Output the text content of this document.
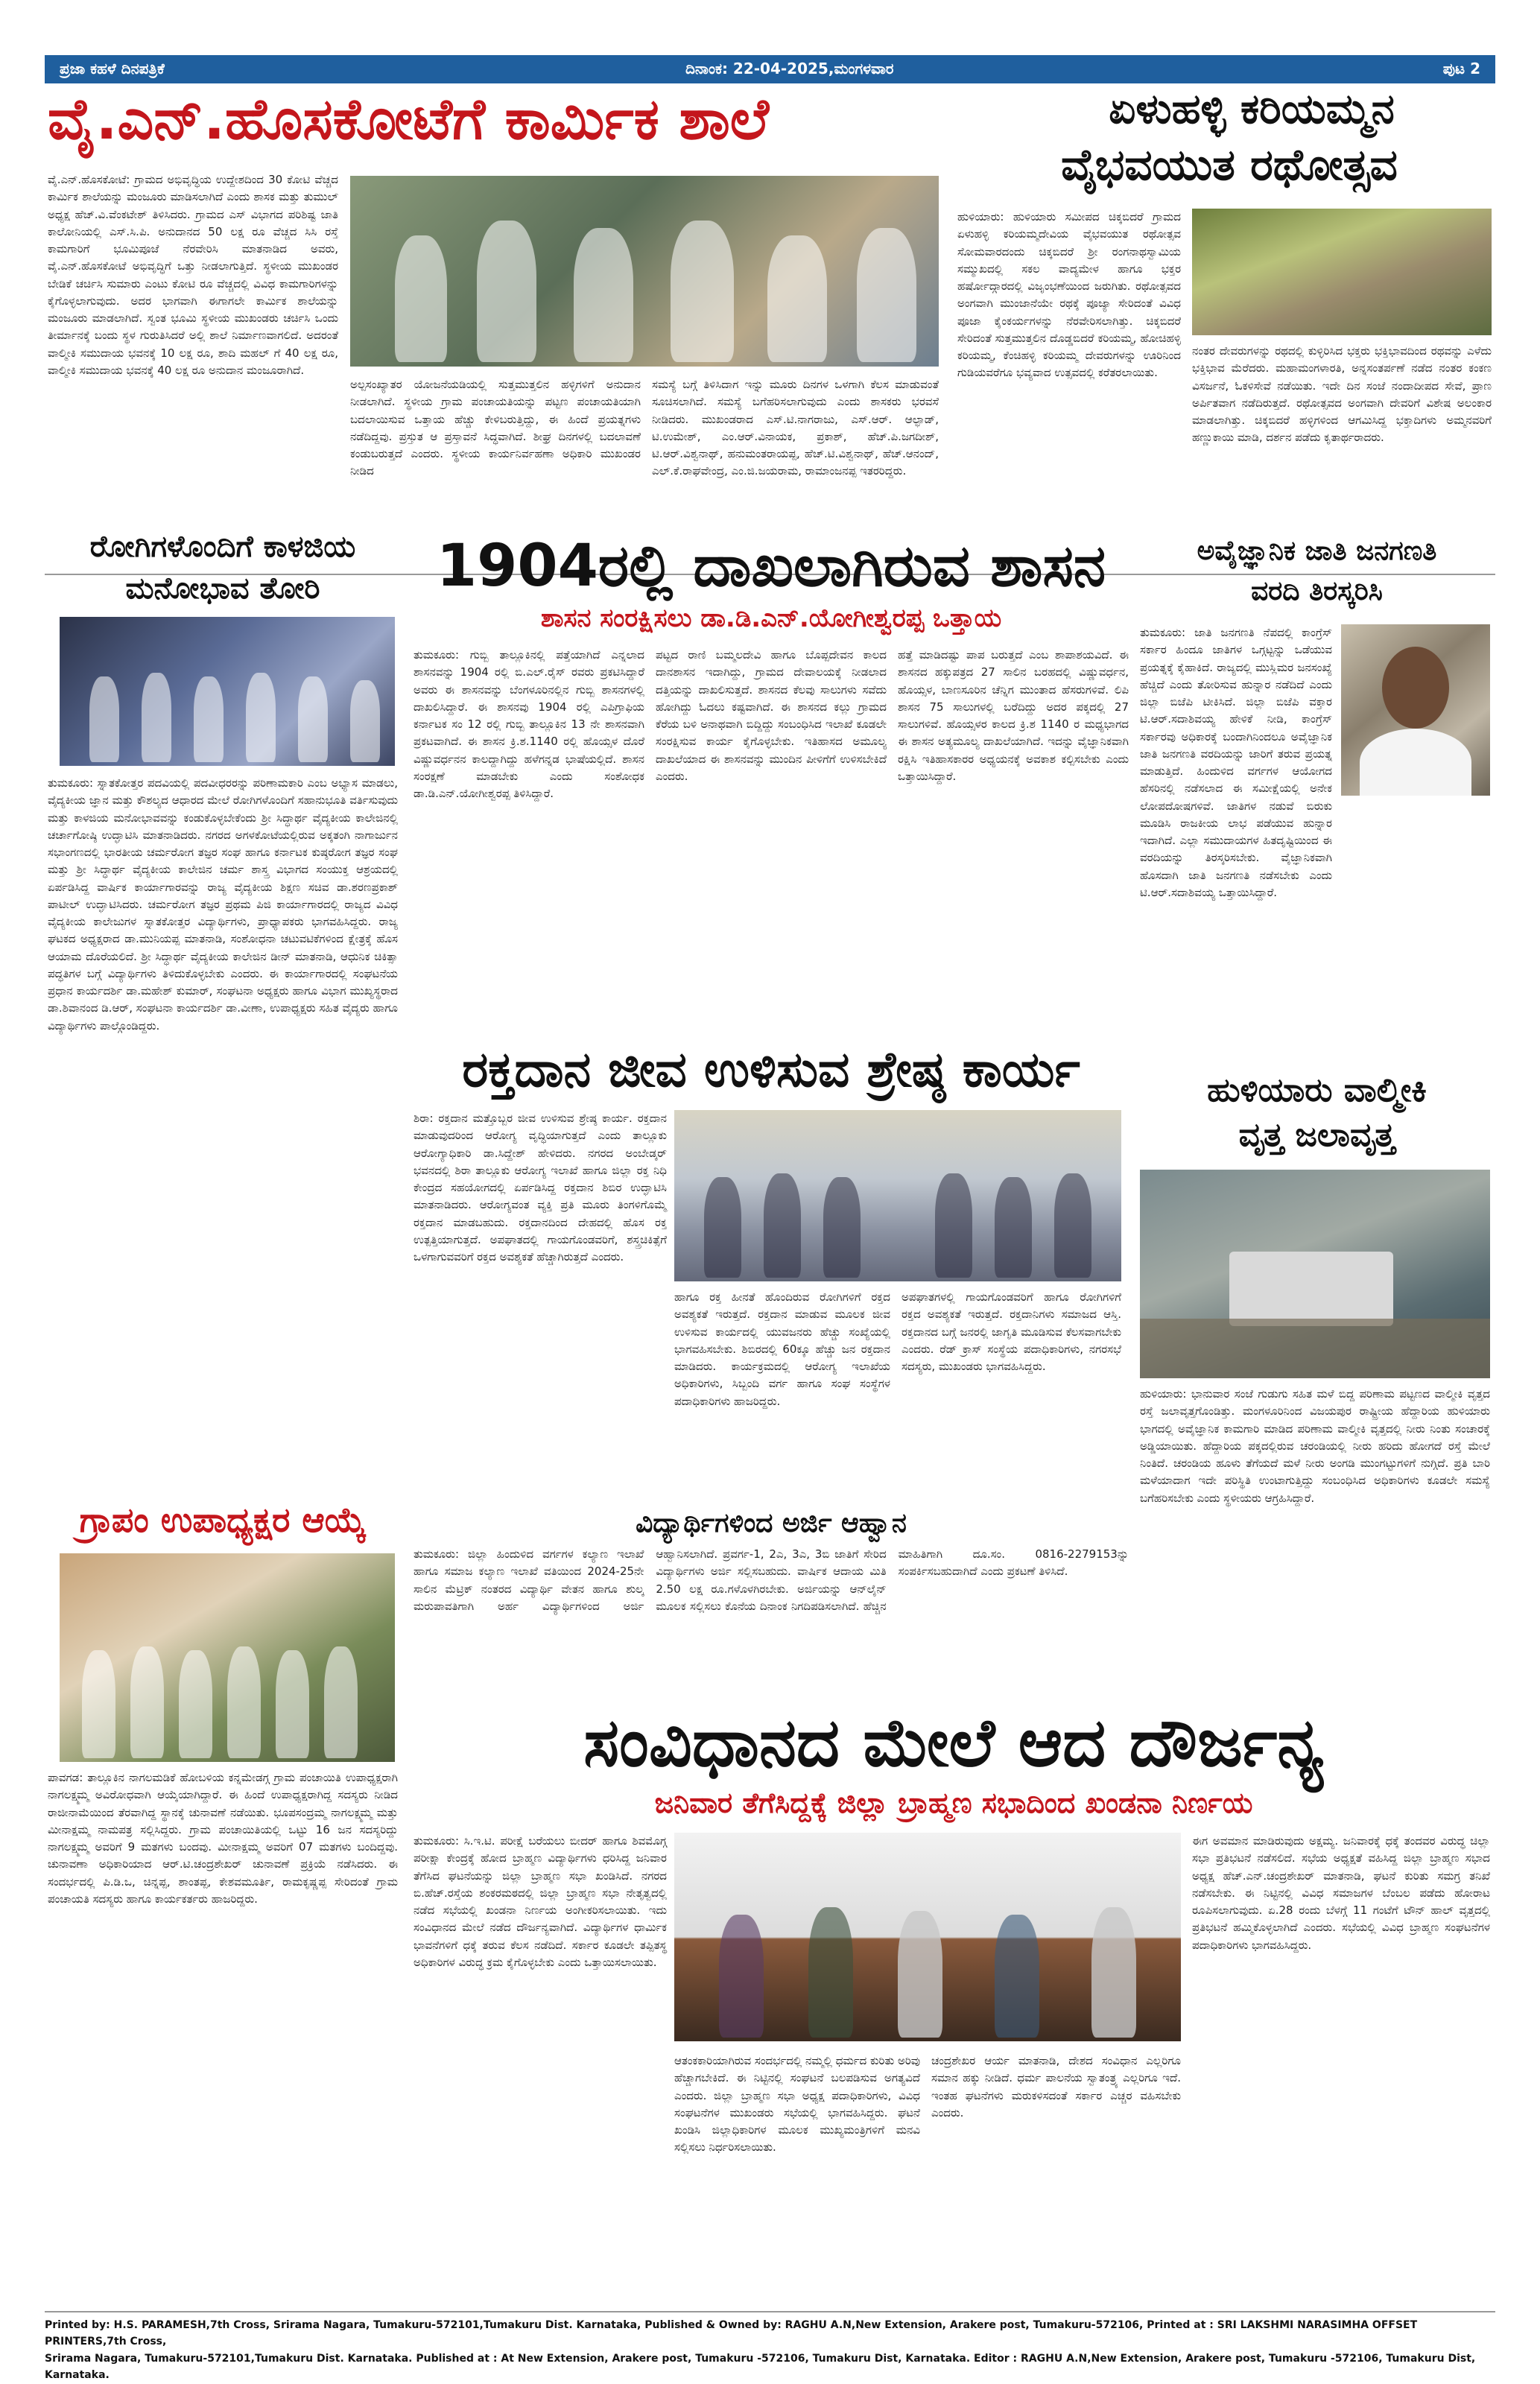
ಪ್ರಜಾ ಕಹಳೆ ದಿನಪತ್ರಿಕೆ	ದಿನಾಂಕ: 22-04-2025,ಮಂಗಳವಾರ	ಪುಟ 2
ವೈ.ಎನ್.ಹೊಸಕೋಟೆಗೆ ಕಾರ್ಮಿಕ ಶಾಲೆ
ವೈ.ಎನ್.ಹೊಸಕೋಟೆ: ಗ್ರಾಮದ ಅಭಿವೃದ್ಧಿಯ ಉದ್ದೇಶದಿಂದ 30 ಕೋಟಿ ವೆಚ್ಚದ ಕಾರ್ಮಿಕ ಶಾಲೆಯನ್ನು ಮಂಜೂರು ಮಾಡಿಸಲಾಗಿದೆ ಎಂದು ಶಾಸಕ ಮತ್ತು ತುಮುಲ್ ಅಧ್ಯಕ್ಷ ಹೆಚ್.ವಿ.ವೆಂಕಟೇಶ್ ತಿಳಿಸಿದರು. ಗ್ರಾಮದ ಎಸ್ ವಿಭಾಗದ ಪರಿಶಿಷ್ಟ ಜಾತಿ ಕಾಲೋನಿಯಲ್ಲಿ ಎಸ್.ಸಿ.ಪಿ. ಅನುದಾನದ 50 ಲಕ್ಷ ರೂ ವೆಚ್ಚದ ಸಿಸಿ ರಸ್ತೆ ಕಾಮಗಾರಿಗೆ ಭೂಮಿಪೂಜೆ ನೆರವೇರಿಸಿ ಮಾತನಾಡಿದ ಅವರು, ವೈ.ಎನ್.ಹೊಸಕೋಟೆ ಅಭಿವೃದ್ಧಿಗೆ ಒತ್ತು ನೀಡಲಾಗುತ್ತಿದೆ. ಸ್ಥಳೀಯ ಮುಖಂಡರ ಬೇಡಿಕೆ ಚರ್ಚಿಸಿ ಸುಮಾರು ಎಂಟು ಕೋಟಿ ರೂ ವೆಚ್ಚದಲ್ಲಿ ವಿವಿಧ ಕಾಮಗಾರಿಗಳನ್ನು ಕೈಗೊಳ್ಳಲಾಗುವುದು. ಅದರ ಭಾಗವಾಗಿ ಈಗಾಗಲೇ ಕಾರ್ಮಿಕ ಶಾಲೆಯನ್ನು ಮಂಜೂರು ಮಾಡಲಾಗಿದೆ. ಸ್ವಂತ ಭೂಮಿ ಸ್ಥಳೀಯ ಮುಖಂಡರು ಚರ್ಚಿಸಿ ಒಂದು ತೀರ್ಮಾನಕ್ಕೆ ಬಂದು ಸ್ಥಳ ಗುರುತಿಸಿದರೆ ಅಲ್ಲಿ ಶಾಲೆ ನಿರ್ಮಾಣವಾಗಲಿದೆ. ಅದರಂತೆ ವಾಲ್ಮೀಕಿ ಸಮುದಾಯ ಭವನಕ್ಕೆ 10 ಲಕ್ಷ ರೂ, ಶಾದಿ ಮಹಲ್ ಗೆ 40 ಲಕ್ಷ ರೂ, ವಾಲ್ಮೀಕಿ ಸಮುದಾಯ ಭವನಕ್ಕೆ 40 ಲಕ್ಷ ರೂ ಅನುದಾನ ಮಂಜೂರಾಗಿದೆ.
ಅಲ್ಪಸಂಖ್ಯಾತರ ಯೋಜನೆಯಡಿಯಲ್ಲಿ ಸುತ್ತಮುತ್ತಲಿನ ಹಳ್ಳಿಗಳಿಗೆ ಅನುದಾನ ನೀಡಲಾಗಿದೆ. ಸ್ಥಳೀಯ ಗ್ರಾಮ ಪಂಚಾಯತಿಯನ್ನು ಪಟ್ಟಣ ಪಂಚಾಯತಿಯಾಗಿ ಬದಲಾಯಿಸುವ ಒತ್ತಾಯ ಹೆಚ್ಚು ಕೇಳಿಬರುತ್ತಿದ್ದು, ಈ ಹಿಂದೆ ಪ್ರಯತ್ನಗಳು ನಡೆದಿದ್ದವು. ಪ್ರಸ್ತುತ ಆ ಪ್ರಸ್ತಾವನೆ ಸಿದ್ಧವಾಗಿದೆ. ಶೀಘ್ರ ದಿನಗಳಲ್ಲಿ ಬದಲಾವಣೆ ಕಂಡುಬರುತ್ತದೆ ಎಂದರು. ಸ್ಥಳೀಯ ಕಾರ್ಯನಿರ್ವಹಣಾ ಅಧಿಕಾರಿ ಮುಖಂಡರ ನೀಡಿದ
ಸಮಸ್ಯೆ ಬಗ್ಗೆ ತಿಳಿಸಿದಾಗ ಇನ್ನು ಮೂರು ದಿನಗಳ ಒಳಗಾಗಿ ಕೆಲಸ ಮಾಡುವಂತೆ ಸೂಚಿಸಲಾಗಿದೆ. ಸಮಸ್ಯೆ ಬಗೆಹರಿಸಲಾಗುವುದು ಎಂದು ಶಾಸಕರು ಭರವಸೆ ನೀಡಿದರು. ಮುಖಂಡರಾದ ಎಸ್.ಟಿ.ನಾಗರಾಜು, ಎಸ್.ಆರ್. ಆಲ್ಫಾಡ್, ಟಿ.ಉಮೇಶ್, ಎಂ.ಆರ್.ವಿನಾಯಕ, ಪ್ರಕಾಶ್, ಹೆಚ್.ಪಿ.ಜಗದೀಶ್, ಟಿ.ಆರ್.ವಿಶ್ವನಾಥ್, ಹನುಮಂತರಾಯಪ್ಪ, ಹೆಚ್.ಟಿ.ವಿಶ್ವನಾಥ್, ಹೆಚ್.ಆನಂದ್, ಎಲ್.ಕೆ.ರಾಘವೇಂದ್ರ, ಎಂ.ಜಿ.ಜಯರಾಮ, ರಾಮಾಂಜನಪ್ಪ ಇತರರಿದ್ದರು.
ಏಳುಹಳ್ಳಿ ಕರಿಯಮ್ಮನ
ವೈಭವಯುತ ರಥೋತ್ಸವ
ಹುಳಿಯಾರು: ಹುಳಿಯಾರು ಸಮೀಪದ ಚಿಕ್ಕಬಿದರೆ ಗ್ರಾಮದ ಏಳುಹಳ್ಳಿ ಕರಿಯಮ್ಮದೇವಿಯ ವೈಭವಯುತ ರಥೋತ್ಸವ ಸೋಮವಾರದಂದು ಚಿಕ್ಕಬಿದರೆ ಶ್ರೀ ರಂಗನಾಥಸ್ವಾಮಿಯ ಸಮ್ಮುಖದಲ್ಲಿ ಸಕಲ ವಾದ್ಯಮೇಳ ಹಾಗೂ ಭಕ್ತರ ಹರ್ಷೋದ್ಗಾರದಲ್ಲಿ ವಿಜೃಂಭಣೆಯಿಂದ ಜರುಗಿತು. ರಥೋತ್ಸವದ ಅಂಗವಾಗಿ ಮುಂಜಾನೆಯೇ ರಥಕ್ಕೆ ಪೂಜ್ಯಾ ಸೇರಿದಂತೆ ವಿವಿಧ ಪೂಜಾ ಕೈಂಕರ್ಯಗಳನ್ನು ನೆರವೇರಿಸಲಾಗಿತ್ತು. ಚಿಕ್ಕಬಿದರೆ ಸೇರಿದಂತೆ ಸುತ್ತಮುತ್ತಲಿನ ದೊಡ್ಡಬಿದರೆ ಕರಿಯಮ್ಮ, ಹೋಚಿಹಳ್ಳಿ ಕರಿಯಮ್ಮ, ಕೆಂಚಿಹಳ್ಳಿ ಕರಿಯಮ್ಮ ದೇವರುಗಳನ್ನು ಊರಿನಿಂದ ಗುಡಿಯವರೆಗೂ ಭವ್ಯವಾದ ಉತ್ಸವದಲ್ಲಿ ಕರೆತರಲಾಯಿತು.
ನಂತರ ದೇವರುಗಳನ್ನು ರಥದಲ್ಲಿ ಕುಳ್ಳಿರಿಸಿದ ಭಕ್ತರು ಭಕ್ತಿಭಾವದಿಂದ ರಥವನ್ನು ಎಳೆದು ಭಕ್ತಿಭಾವ ಮೆರೆದರು. ಮಹಾಮಂಗಳಾರತಿ, ಅನ್ನಸಂತರ್ಪಣೆ ನಡೆದ ನಂತರ ಕಂಕಣ ವಿಸರ್ಜನೆ, ಓಕಳಿಸೇವೆ ನಡೆಯಿತು. ಇದೇ ದಿನ ಸಂಜೆ ನಂದಾದೀಪದ ಸೇವೆ, ಪ್ರಾಣ ಅರ್ಪಿತವಾಗ ನಡೆದಿರುತ್ತದೆ. ರಥೋತ್ಸವದ ಅಂಗವಾಗಿ ದೇವರಿಗೆ ವಿಶೇಷ ಅಲಂಕಾರ ಮಾಡಲಾಗಿತ್ತು. ಚಿಕ್ಕಬಿದರೆ ಹಳ್ಳಿಗಳಿಂದ ಆಗಮಿಸಿದ್ದ ಭಕ್ತಾದಿಗಳು ಅಮ್ಮನವರಿಗೆ ಹಣ್ಣುಕಾಯಿ ಮಾಡಿ, ದರ್ಶನ ಪಡೆದು ಕೃತಾರ್ಥರಾದರು.
ರೋಗಿಗಳೊಂದಿಗೆ ಕಾಳಜಿಯ
ಮನೋಭಾವ ತೋರಿ
ತುಮಕೂರು: ಸ್ನಾತಕೋತ್ತರ ಪದವಿಯಲ್ಲಿ ಪದವೀಧರರನ್ನು ಪರಿಣಾಮಕಾರಿ ಎಂಬ ಅಭ್ಯಾಸ ಮಾಡಲು, ವೈದ್ಯಕೀಯ ಜ್ಞಾನ ಮತ್ತು ಕೌಶಲ್ಯದ ಆಧಾರದ ಮೇಲೆ ರೋಗಿಗಳೊಂದಿಗೆ ಸಹಾನುಭೂತಿ ವರ್ತಿಸುವುದು ಮತ್ತು ಕಾಳಜಿಯ ಮನೋಭಾವವನ್ನು ಕಂಡುಕೊಳ್ಳಬೇಕೆಂದು ಶ್ರೀ ಸಿದ್ಧಾರ್ಥ ವೈದ್ಯಕೀಯ ಕಾಲೇಜಿನಲ್ಲಿ ಚರ್ಚಾಗೋಷ್ಠಿ ಉದ್ಘಾಟಿಸಿ ಮಾತನಾಡಿದರು. ನಗರದ ಅಗಳಕೋಟೆಯಲ್ಲಿರುವ ಅಕ್ಕತಂಗಿ ನಾಗಾರ್ಜುನ ಸಭಾಂಗಣದಲ್ಲಿ ಭಾರತೀಯ ಚರ್ಮರೋಗ ತಜ್ಞರ ಸಂಘ ಹಾಗೂ ಕರ್ನಾಟಕ ಕುಷ್ಠರೋಗ ತಜ್ಞರ ಸಂಘ ಮತ್ತು ಶ್ರೀ ಸಿದ್ಧಾರ್ಥ ವೈದ್ಯಕೀಯ ಕಾಲೇಜಿನ ಚರ್ಮ ಶಾಸ್ತ್ರ ವಿಭಾಗದ ಸಂಯುಕ್ತ ಆಶ್ರಯದಲ್ಲಿ ಏರ್ಪಡಿಸಿದ್ದ ವಾರ್ಷಿಕ ಕಾರ್ಯಾಗಾರವನ್ನು ರಾಜ್ಯ ವೈದ್ಯಕೀಯ ಶಿಕ್ಷಣ ಸಚಿವ ಡಾ.ಶರಣಪ್ರಕಾಶ್ ಪಾಟೀಲ್ ಉದ್ಘಾಟಿಸಿದರು. ಚರ್ಮರೋಗ ತಜ್ಞರ ಪ್ರಥಮ ಪಿಜಿ ಕಾರ್ಯಾಗಾರದಲ್ಲಿ ರಾಜ್ಯದ ವಿವಿಧ ವೈದ್ಯಕೀಯ ಕಾಲೇಜುಗಳ ಸ್ನಾತಕೋತ್ತರ ವಿದ್ಯಾರ್ಥಿಗಳು, ಪ್ರಾಧ್ಯಾಪಕರು ಭಾಗವಹಿಸಿದ್ದರು. ರಾಜ್ಯ ಘಟಕದ ಅಧ್ಯಕ್ಷರಾದ ಡಾ.ಮುನಿಯಪ್ಪ ಮಾತನಾಡಿ, ಸಂಶೋಧನಾ ಚಟುವಟಿಕೆಗಳಿಂದ ಕ್ಷೇತ್ರಕ್ಕೆ ಹೊಸ ಆಯಾಮ ದೊರೆಯಲಿದೆ. ಶ್ರೀ ಸಿದ್ಧಾರ್ಥ ವೈದ್ಯಕೀಯ ಕಾಲೇಜಿನ ಡೀನ್ ಮಾತನಾಡಿ, ಆಧುನಿಕ ಚಿಕಿತ್ಸಾ ಪದ್ಧತಿಗಳ ಬಗ್ಗೆ ವಿದ್ಯಾರ್ಥಿಗಳು ತಿಳಿದುಕೊಳ್ಳಬೇಕು ಎಂದರು. ಈ ಕಾರ್ಯಾಗಾರದಲ್ಲಿ ಸಂಘಟನೆಯ ಪ್ರಧಾನ ಕಾರ್ಯದರ್ಶಿ ಡಾ.ಮಹೇಶ್ ಕುಮಾರ್, ಸಂಘಟನಾ ಅಧ್ಯಕ್ಷರು ಹಾಗೂ ವಿಭಾಗ ಮುಖ್ಯಸ್ಥರಾದ ಡಾ.ಶಿವಾನಂದ ಡಿ.ಆರ್, ಸಂಘಟನಾ ಕಾರ್ಯದರ್ಶಿ ಡಾ.ವೀಣಾ, ಉಪಾಧ್ಯಕ್ಷರು ಸಹಿತ ವೈದ್ಯರು ಹಾಗೂ ವಿದ್ಯಾರ್ಥಿಗಳು ಪಾಲ್ಗೊಂಡಿದ್ದರು.
1904ರಲ್ಲಿ ದಾಖಲಾಗಿರುವ ಶಾಸನ
ಶಾಸನ ಸಂರಕ್ಷಿಸಲು ಡಾ.ಡಿ.ಎನ್.ಯೋಗೀಶ್ವರಪ್ಪ ಒತ್ತಾಯ
ತುಮಕೂರು: ಗುಬ್ಬಿ ತಾಲ್ಲೂಕಿನಲ್ಲಿ ಪತ್ತೆಯಾಗಿದೆ ಎನ್ನಲಾದ ಶಾಸನವನ್ನು 1904 ರಲ್ಲಿ ಬಿ.ಎಲ್.ರೈಸ್ ರವರು ಪ್ರಕಟಿಸಿದ್ದಾರೆ ಅವರು ಈ ಶಾಸನವನ್ನು ಬೆಂಗಳೂರಿನಲ್ಲಿನ ಗುಬ್ಬಿ ಶಾಸನಗಳಲ್ಲಿ ದಾಖಲಿಸಿದ್ದಾರೆ. ಈ ಶಾಸನವು 1904 ರಲ್ಲಿ ಎಪಿಗ್ರಾಫಿಯ ಕರ್ನಾಟಕ ಸಂ 12 ರಲ್ಲಿ ಗುಬ್ಬಿ ತಾಲ್ಲೂಕಿನ 13 ನೇ ಶಾಸನವಾಗಿ ಪ್ರಕಟವಾಗಿದೆ. ಈ ಶಾಸನ ಕ್ರಿ.ಶ.1140 ರಲ್ಲಿ ಹೊಯ್ಸಳ ದೊರೆ ವಿಷ್ಣುವರ್ಧನನ ಕಾಲದ್ದಾಗಿದ್ದು ಹಳೆಗನ್ನಡ ಭಾಷೆಯಲ್ಲಿದೆ. ಶಾಸನ ಸಂರಕ್ಷಣೆ ಮಾಡಬೇಕು ಎಂದು ಸಂಶೋಧಕ ಡಾ.ಡಿ.ಎನ್.ಯೋಗೀಶ್ವರಪ್ಪ ತಿಳಿಸಿದ್ದಾರೆ.
ಪಟ್ಟದ ರಾಣಿ ಬಮ್ಮಲದೇವಿ ಹಾಗೂ ಬೊಪ್ಪದೇವನ ಕಾಲದ ದಾನಶಾಸನ ಇದಾಗಿದ್ದು, ಗ್ರಾಮದ ದೇವಾಲಯಕ್ಕೆ ನೀಡಲಾದ ದತ್ತಿಯನ್ನು ದಾಖಲಿಸುತ್ತದೆ. ಶಾಸನದ ಕೆಲವು ಸಾಲುಗಳು ಸವೆದು ಹೋಗಿದ್ದು ಓದಲು ಕಷ್ಟವಾಗಿದೆ. ಈ ಶಾಸನದ ಕಲ್ಲು ಗ್ರಾಮದ ಕೆರೆಯ ಬಳಿ ಅನಾಥವಾಗಿ ಬಿದ್ದಿದ್ದು ಸಂಬಂಧಿಸಿದ ಇಲಾಖೆ ಕೂಡಲೇ ಸಂರಕ್ಷಿಸುವ ಕಾರ್ಯ ಕೈಗೊಳ್ಳಬೇಕು. ಇತಿಹಾಸದ ಅಮೂಲ್ಯ ದಾಖಲೆಯಾದ ಈ ಶಾಸನವನ್ನು ಮುಂದಿನ ಪೀಳಿಗೆಗೆ ಉಳಿಸಬೇಕಿದೆ ಎಂದರು.
ಹತ್ತೆ ಮಾಡಿದಷ್ಟು ಪಾಪ ಬರುತ್ತದೆ ಎಂಬ ಶಾಪಾಶಯವಿದೆ. ಈ ಶಾಸನದ ಹಕ್ಕುಪತ್ರದ 27 ಸಾಲಿನ ಬರಹದಲ್ಲಿ ವಿಷ್ಣುವರ್ಧನ, ಹೊಯ್ಸಳ, ಬಾಣಸೂರಿನ ಚೆನ್ನಿಗ ಮುಂತಾದ ಹೆಸರುಗಳಿವೆ. ಲಿಪಿ ಶಾಸನ 75 ಸಾಲುಗಳಲ್ಲಿ ಬರೆದಿದ್ದು ಅದರ ಪಕ್ಕದಲ್ಲಿ 27 ಸಾಲುಗಳಿವೆ. ಹೊಯ್ಸಳರ ಕಾಲದ ಕ್ರಿ.ಶ 1140 ರ ಮಧ್ಯಭಾಗದ ಈ ಶಾಸನ ಅತ್ಯಮೂಲ್ಯ ದಾಖಲೆಯಾಗಿದೆ. ಇದನ್ನು ವೈಜ್ಞಾನಿಕವಾಗಿ ರಕ್ಷಿಸಿ ಇತಿಹಾಸಕಾರರ ಅಧ್ಯಯನಕ್ಕೆ ಅವಕಾಶ ಕಲ್ಪಿಸಬೇಕು ಎಂದು ಒತ್ತಾಯಿಸಿದ್ದಾರೆ.
ಅವೈಜ್ಞಾನಿಕ ಜಾತಿ ಜನಗಣತಿ
ವರದಿ ತಿರಸ್ಕರಿಸಿ
ತುಮಕೂರು: ಜಾತಿ ಜನಗಣತಿ ನೆಪದಲ್ಲಿ ಕಾಂಗ್ರೆಸ್ ಸರ್ಕಾರ ಹಿಂದೂ ಜಾತಿಗಳ ಒಗ್ಗಟ್ಟನ್ನು ಒಡೆಯುವ ಪ್ರಯತ್ನಕ್ಕೆ ಕೈಹಾಕಿದೆ. ರಾಜ್ಯದಲ್ಲಿ ಮುಸ್ಲಿಮರ ಜನಸಂಖ್ಯೆ ಹೆಚ್ಚಿದೆ ಎಂದು ತೋರಿಸುವ ಹುನ್ನಾರ ನಡೆದಿದೆ ಎಂದು ಜಿಲ್ಲಾ ಬಿಜೆಪಿ ಟೀಕಿಸಿದೆ. ಜಿಲ್ಲಾ ಬಿಜೆಪಿ ವಕ್ತಾರ ಟಿ.ಆರ್.ಸದಾಶಿವಯ್ಯ ಹೇಳಿಕೆ ನೀಡಿ, ಕಾಂಗ್ರೆಸ್ ಸರ್ಕಾರವು ಅಧಿಕಾರಕ್ಕೆ ಬಂದಾಗಿನಿಂದಲೂ ಅವೈಜ್ಞಾನಿಕ ಜಾತಿ ಜನಗಣತಿ ವರದಿಯನ್ನು ಜಾರಿಗೆ ತರುವ ಪ್ರಯತ್ನ ಮಾಡುತ್ತಿದೆ. ಹಿಂದುಳಿದ ವರ್ಗಗಳ ಆಯೋಗದ ಹೆಸರಿನಲ್ಲಿ ನಡೆಸಲಾದ ಈ ಸಮೀಕ್ಷೆಯಲ್ಲಿ ಅನೇಕ ಲೋಪದೋಷಗಳಿವೆ. ಜಾತಿಗಳ ನಡುವೆ ಬಿರುಕು ಮೂಡಿಸಿ ರಾಜಕೀಯ ಲಾಭ ಪಡೆಯುವ ಹುನ್ನಾರ ಇದಾಗಿದೆ. ಎಲ್ಲಾ ಸಮುದಾಯಗಳ ಹಿತದೃಷ್ಟಿಯಿಂದ ಈ ವರದಿಯನ್ನು ತಿರಸ್ಕರಿಸಬೇಕು. ವೈಜ್ಞಾನಿಕವಾಗಿ ಹೊಸದಾಗಿ ಜಾತಿ ಜನಗಣತಿ ನಡೆಸಬೇಕು ಎಂದು ಟಿ.ಆರ್.ಸದಾಶಿವಯ್ಯ ಒತ್ತಾಯಿಸಿದ್ದಾರೆ.
ರಕ್ತದಾನ ಜೀವ ಉಳಿಸುವ ಶ್ರೇಷ್ಠ ಕಾರ್ಯ
ಶಿರಾ: ರಕ್ತದಾನ ಮತ್ತೊಬ್ಬರ ಜೀವ ಉಳಿಸುವ ಶ್ರೇಷ್ಠ ಕಾರ್ಯ. ರಕ್ತದಾನ ಮಾಡುವುದರಿಂದ ಆರೋಗ್ಯ ವೃದ್ಧಿಯಾಗುತ್ತದೆ ಎಂದು ತಾಲ್ಲೂಕು ಆರೋಗ್ಯಾಧಿಕಾರಿ ಡಾ.ಸಿದ್ದೇಶ್ ಹೇಳಿದರು. ನಗರದ ಅಂಬೇಡ್ಕರ್ ಭವನದಲ್ಲಿ ಶಿರಾ ತಾಲ್ಲೂಕು ಆರೋಗ್ಯ ಇಲಾಖೆ ಹಾಗೂ ಜಿಲ್ಲಾ ರಕ್ತ ನಿಧಿ ಕೇಂದ್ರದ ಸಹಯೋಗದಲ್ಲಿ ಏರ್ಪಡಿಸಿದ್ದ ರಕ್ತದಾನ ಶಿಬಿರ ಉದ್ಘಾಟಿಸಿ ಮಾತನಾಡಿದರು. ಆರೋಗ್ಯವಂತ ವ್ಯಕ್ತಿ ಪ್ರತಿ ಮೂರು ತಿಂಗಳಿಗೊಮ್ಮೆ ರಕ್ತದಾನ ಮಾಡಬಹುದು. ರಕ್ತದಾನದಿಂದ ದೇಹದಲ್ಲಿ ಹೊಸ ರಕ್ತ ಉತ್ಪತ್ತಿಯಾಗುತ್ತದೆ. ಅಪಘಾತದಲ್ಲಿ ಗಾಯಗೊಂಡವರಿಗೆ, ಶಸ್ತ್ರಚಿಕಿತ್ಸೆಗೆ ಒಳಗಾಗುವವರಿಗೆ ರಕ್ತದ ಅವಶ್ಯಕತೆ ಹೆಚ್ಚಾಗಿರುತ್ತದೆ ಎಂದರು.
ಹಾಗೂ ರಕ್ತ ಹೀನತೆ ಹೊಂದಿರುವ ರೋಗಿಗಳಿಗೆ ರಕ್ತದ ಅವಶ್ಯಕತೆ ಇರುತ್ತದೆ. ರಕ್ತದಾನ ಮಾಡುವ ಮೂಲಕ ಜೀವ ಉಳಿಸುವ ಕಾರ್ಯದಲ್ಲಿ ಯುವಜನರು ಹೆಚ್ಚು ಸಂಖ್ಯೆಯಲ್ಲಿ ಭಾಗವಹಿಸಬೇಕು. ಶಿಬಿರದಲ್ಲಿ 60ಕ್ಕೂ ಹೆಚ್ಚು ಜನ ರಕ್ತದಾನ ಮಾಡಿದರು. ಕಾರ್ಯಕ್ರಮದಲ್ಲಿ ಆರೋಗ್ಯ ಇಲಾಖೆಯ ಅಧಿಕಾರಿಗಳು, ಸಿಬ್ಬಂದಿ ವರ್ಗ ಹಾಗೂ ಸಂಘ ಸಂಸ್ಥೆಗಳ ಪದಾಧಿಕಾರಿಗಳು ಹಾಜರಿದ್ದರು.
ಅಪಘಾತಗಳಲ್ಲಿ ಗಾಯಗೊಂಡವರಿಗೆ ಹಾಗೂ ರೋಗಿಗಳಿಗೆ ರಕ್ತದ ಅವಶ್ಯಕತೆ ಇರುತ್ತದೆ. ರಕ್ತದಾನಿಗಳು ಸಮಾಜದ ಆಸ್ತಿ. ರಕ್ತದಾನದ ಬಗ್ಗೆ ಜನರಲ್ಲಿ ಜಾಗೃತಿ ಮೂಡಿಸುವ ಕೆಲಸವಾಗಬೇಕು ಎಂದರು. ರೆಡ್ ಕ್ರಾಸ್ ಸಂಸ್ಥೆಯ ಪದಾಧಿಕಾರಿಗಳು, ನಗರಸಭೆ ಸದಸ್ಯರು, ಮುಖಂಡರು ಭಾಗವಹಿಸಿದ್ದರು.
ಹುಳಿಯಾರು ವಾಲ್ಮೀಕಿ
ವೃತ್ತ ಜಲಾವೃತ್ತ
ಹುಳಿಯಾರು: ಭಾನುವಾರ ಸಂಜೆ ಗುಡುಗು ಸಹಿತ ಮಳೆ ಬಿದ್ದ ಪರಿಣಾಮ ಪಟ್ಟಣದ ವಾಲ್ಮೀಕಿ ವೃತ್ತದ ರಸ್ತೆ ಜಲಾವೃತ್ತಗೊಂಡಿತ್ತು. ಮಂಗಳೂರಿನಿಂದ ವಿಜಯಪುರ ರಾಷ್ಟ್ರೀಯ ಹೆದ್ದಾರಿಯ ಹುಳಿಯಾರು ಭಾಗದಲ್ಲಿ ಅವೈಜ್ಞಾನಿಕ ಕಾಮಗಾರಿ ಮಾಡಿದ ಪರಿಣಾಮ ವಾಲ್ಮೀಕಿ ವೃತ್ತದಲ್ಲಿ ನೀರು ನಿಂತು ಸಂಚಾರಕ್ಕೆ ಅಡ್ಡಿಯಾಯಿತು. ಹೆದ್ದಾರಿಯ ಪಕ್ಕದಲ್ಲಿರುವ ಚರಂಡಿಯಲ್ಲಿ ನೀರು ಹರಿದು ಹೋಗದೆ ರಸ್ತೆ ಮೇಲೆ ನಿಂತಿದೆ. ಚರಂಡಿಯ ಹೂಳು ತೆಗೆಯದೆ ಮಳೆ ನೀರು ಅಂಗಡಿ ಮುಂಗಟ್ಟುಗಳಿಗೆ ನುಗ್ಗಿದೆ. ಪ್ರತಿ ಬಾರಿ ಮಳೆಯಾದಾಗ ಇದೇ ಪರಿಸ್ಥಿತಿ ಉಂಟಾಗುತ್ತಿದ್ದು ಸಂಬಂಧಿಸಿದ ಅಧಿಕಾರಿಗಳು ಕೂಡಲೇ ಸಮಸ್ಯೆ ಬಗೆಹರಿಸಬೇಕು ಎಂದು ಸ್ಥಳೀಯರು ಆಗ್ರಹಿಸಿದ್ದಾರೆ.
ವಿದ್ಯಾರ್ಥಿಗಳಿಂದ ಅರ್ಜಿ ಆಹ್ವಾನ
ತುಮಕೂರು: ಜಿಲ್ಲಾ ಹಿಂದುಳಿದ ವರ್ಗಗಳ ಕಲ್ಯಾಣ ಇಲಾಖೆ ಹಾಗೂ ಸಮಾಜ ಕಲ್ಯಾಣ ಇಲಾಖೆ ವತಿಯಿಂದ 2024-25ನೇ ಸಾಲಿನ ಮೆಟ್ರಿಕ್ ನಂತರದ ವಿದ್ಯಾರ್ಥಿ ವೇತನ ಹಾಗೂ ಶುಲ್ಕ ಮರುಪಾವತಿಗಾಗಿ ಅರ್ಹ ವಿದ್ಯಾರ್ಥಿಗಳಿಂದ ಅರ್ಜಿ ಆಹ್ವಾನಿಸಲಾಗಿದೆ. ಪ್ರವರ್ಗ-1, 2ಎ, 3ಎ, 3ಬಿ ಜಾತಿಗೆ ಸೇರಿದ ವಿದ್ಯಾರ್ಥಿಗಳು ಅರ್ಜಿ ಸಲ್ಲಿಸಬಹುದು. ವಾರ್ಷಿಕ ಆದಾಯ ಮಿತಿ 2.50 ಲಕ್ಷ ರೂ.ಗಳೊಳಗಿರಬೇಕು. ಅರ್ಜಿಯನ್ನು ಆನ್‌ಲೈನ್ ಮೂಲಕ ಸಲ್ಲಿಸಲು ಕೊನೆಯ ದಿನಾಂಕ ನಿಗದಿಪಡಿಸಲಾಗಿದೆ. ಹೆಚ್ಚಿನ ಮಾಹಿತಿಗಾಗಿ ದೂ.ಸಂ. 0816-2279153ನ್ನು ಸಂಪರ್ಕಿಸಬಹುದಾಗಿದೆ ಎಂದು ಪ್ರಕಟಣೆ ತಿಳಿಸಿದೆ.
ಗ್ರಾಪಂ ಉಪಾಧ್ಯಕ್ಷರ ಆಯ್ಕೆ
ಪಾವಗಡ: ತಾಲ್ಲೂಕಿನ ನಾಗಲಮಡಿಕೆ ಹೋಬಳಿಯ ಕನ್ನಮೇಡಗ್ಗ ಗ್ರಾಮ ಪಂಚಾಯಿತಿ ಉಪಾಧ್ಯಕ್ಷರಾಗಿ ನಾಗಲಕ್ಷ್ಮಮ್ಮ ಅವಿರೋಧವಾಗಿ ಆಯ್ಕೆಯಾಗಿದ್ದಾರೆ. ಈ ಹಿಂದೆ ಉಪಾಧ್ಯಕ್ಷರಾಗಿದ್ದ ಸದಸ್ಯರು ನೀಡಿದ ರಾಜೀನಾಮೆಯಿಂದ ತೆರವಾಗಿದ್ದ ಸ್ಥಾನಕ್ಕೆ ಚುನಾವಣೆ ನಡೆಯಿತು. ಭೂಪಸಂದ್ರಮ್ಮ ನಾಗಲಕ್ಷ್ಮಮ್ಮ ಮತ್ತು ಮೀನಾಕ್ಷಮ್ಮ ನಾಮಪತ್ರ ಸಲ್ಲಿಸಿದ್ದರು. ಗ್ರಾಮ ಪಂಚಾಯಿತಿಯಲ್ಲಿ ಒಟ್ಟು 16 ಜನ ಸದಸ್ಯರಿದ್ದು ನಾಗಲಕ್ಷ್ಮಮ್ಮ ಅವರಿಗೆ 9 ಮತಗಳು ಬಂದವು. ಮೀನಾಕ್ಷಮ್ಮ ಅವರಿಗೆ 07 ಮತಗಳು ಬಂದಿದ್ದವು. ಚುನಾವಣಾ ಅಧಿಕಾರಿಯಾದ ಆರ್.ಟಿ.ಚಂದ್ರಶೇಖರ್ ಚುನಾವಣೆ ಪ್ರಕ್ರಿಯೆ ನಡೆಸಿದರು. ಈ ಸಂದರ್ಭದಲ್ಲಿ ಪಿ.ಡಿ.ಒ, ಚಿನ್ನಪ್ಪ, ಶಾಂತಪ್ಪ, ಕೇಶವಮೂರ್ತಿ, ರಾಮಕೃಷ್ಣಪ್ಪ ಸೇರಿದಂತೆ ಗ್ರಾಮ ಪಂಚಾಯತಿ ಸದಸ್ಯರು ಹಾಗೂ ಕಾರ್ಯಕರ್ತರು ಹಾಜರಿದ್ದರು.
ಸಂವಿಧಾನದ ಮೇಲೆ ಆದ ದೌರ್ಜನ್ಯ
ಜನಿವಾರ ತೆಗೆಸಿದ್ದಕ್ಕೆ ಜಿಲ್ಲಾ ಬ್ರಾಹ್ಮಣ ಸಭಾದಿಂದ ಖಂಡನಾ ನಿರ್ಣಯ
ತುಮಕೂರು: ಸಿ.ಇ.ಟಿ. ಪರೀಕ್ಷೆ ಬರೆಯಲು ಬೀದರ್ ಹಾಗೂ ಶಿವಮೊಗ್ಗ ಪರೀಕ್ಷಾ ಕೇಂದ್ರಕ್ಕೆ ಹೋದ ಬ್ರಾಹ್ಮಣ ವಿದ್ಯಾರ್ಥಿಗಳು ಧರಿಸಿದ್ದ ಜನಿವಾರ ತೆಗೆಸಿದ ಘಟನೆಯನ್ನು ಜಿಲ್ಲಾ ಬ್ರಾಹ್ಮಣ ಸಭಾ ಖಂಡಿಸಿದೆ. ನಗರದ ಬಿ.ಹೆಚ್.ರಸ್ತೆಯ ಶಂಕರಮಠದಲ್ಲಿ ಜಿಲ್ಲಾ ಬ್ರಾಹ್ಮಣ ಸಭಾ ನೇತೃತ್ವದಲ್ಲಿ ನಡೆದ ಸಭೆಯಲ್ಲಿ ಖಂಡನಾ ನಿರ್ಣಯ ಅಂಗೀಕರಿಸಲಾಯಿತು. ಇದು ಸಂವಿಧಾನದ ಮೇಲೆ ನಡೆದ ದೌರ್ಜನ್ಯವಾಗಿದೆ. ವಿದ್ಯಾರ್ಥಿಗಳ ಧಾರ್ಮಿಕ ಭಾವನೆಗಳಿಗೆ ಧಕ್ಕೆ ತರುವ ಕೆಲಸ ನಡೆದಿದೆ. ಸರ್ಕಾರ ಕೂಡಲೇ ತಪ್ಪಿತಸ್ಥ ಅಧಿಕಾರಿಗಳ ವಿರುದ್ಧ ಕ್ರಮ ಕೈಗೊಳ್ಳಬೇಕು ಎಂದು ಒತ್ತಾಯಿಸಲಾಯಿತು.
ಆತಂಕಕಾರಿಯಾಗಿರುವ ಸಂದರ್ಭದಲ್ಲಿ ನಮ್ಮಲ್ಲಿ ಧರ್ಮದ ಕುರಿತು ಅರಿವು ಹೆಚ್ಚಾಗಬೇಕಿದೆ. ಈ ನಿಟ್ಟಿನಲ್ಲಿ ಸಂಘಟನೆ ಬಲಪಡಿಸುವ ಅಗತ್ಯವಿದೆ ಎಂದರು. ಜಿಲ್ಲಾ ಬ್ರಾಹ್ಮಣ ಸಭಾ ಅಧ್ಯಕ್ಷ ಪದಾಧಿಕಾರಿಗಳು, ವಿವಿಧ ಸಂಘಟನೆಗಳ ಮುಖಂಡರು ಸಭೆಯಲ್ಲಿ ಭಾಗವಹಿಸಿದ್ದರು. ಘಟನೆ ಖಂಡಿಸಿ ಜಿಲ್ಲಾಧಿಕಾರಿಗಳ ಮೂಲಕ ಮುಖ್ಯಮಂತ್ರಿಗಳಿಗೆ ಮನವಿ ಸಲ್ಲಿಸಲು ನಿರ್ಧರಿಸಲಾಯಿತು.
ಚಂದ್ರಶೇಖರ ಆರ್ಯ ಮಾತನಾಡಿ, ದೇಶದ ಸಂವಿಧಾನ ಎಲ್ಲರಿಗೂ ಸಮಾನ ಹಕ್ಕು ನೀಡಿದೆ. ಧರ್ಮ ಪಾಲನೆಯ ಸ್ವಾತಂತ್ರ್ಯ ಎಲ್ಲರಿಗೂ ಇದೆ. ಇಂತಹ ಘಟನೆಗಳು ಮರುಕಳಿಸದಂತೆ ಸರ್ಕಾರ ಎಚ್ಚರ ವಹಿಸಬೇಕು ಎಂದರು.
ಈಗ ಅವಮಾನ ಮಾಡಿರುವುದು ಅಕ್ಷಮ್ಯ. ಜನಿವಾರಕ್ಕೆ ಧಕ್ಕೆ ತಂದವರ ವಿರುದ್ಧ ಚಿಲ್ಲಾ ಸಭಾ ಪ್ರತಿಭಟನೆ ನಡೆಸಲಿದೆ. ಸಭೆಯ ಅಧ್ಯಕ್ಷತೆ ವಹಿಸಿದ್ದ ಜಿಲ್ಲಾ ಬ್ರಾಹ್ಮಣ ಸಭಾದ ಅಧ್ಯಕ್ಷ ಹೆಚ್.ಎನ್.ಚಂದ್ರಶೇಖರ್ ಮಾತನಾಡಿ, ಘಟನೆ ಕುರಿತು ಸಮಗ್ರ ತನಿಖೆ ನಡೆಸಬೇಕು. ಈ ನಿಟ್ಟಿನಲ್ಲಿ ವಿವಿಧ ಸಮಾಜಗಳ ಬೆಂಬಲ ಪಡೆದು ಹೋರಾಟ ರೂಪಿಸಲಾಗುವುದು. ಏ.28 ರಂದು ಬೆಳಗ್ಗೆ 11 ಗಂಟೆಗೆ ಟೌನ್ ಹಾಲ್ ವೃತ್ತದಲ್ಲಿ ಪ್ರತಿಭಟನೆ ಹಮ್ಮಿಕೊಳ್ಳಲಾಗಿದೆ ಎಂದರು. ಸಭೆಯಲ್ಲಿ ವಿವಿಧ ಬ್ರಾಹ್ಮಣ ಸಂಘಟನೆಗಳ ಪದಾಧಿಕಾರಿಗಳು ಭಾಗವಹಿಸಿದ್ದರು.
Printed by: H.S. PARAMESH,7th Cross, Srirama Nagara, Tumakuru-572101,Tumakuru Dist. Karnataka, Published & Owned by: RAGHU A.N,New Extension, Arakere post, Tumakuru-572106, Printed at : SRI LAKSHMI NARASIMHA OFFSET PRINTERS,7th Cross,
Srirama Nagara, Tumakuru-572101,Tumakuru Dist. Karnataka. Published at : At New Extension, Arakere post, Tumakuru -572106, Tumakuru Dist, Karnataka. Editor : RAGHU A.N,New Extension, Arakere post, Tumakuru -572106, Tumakuru Dist, Karnataka.
